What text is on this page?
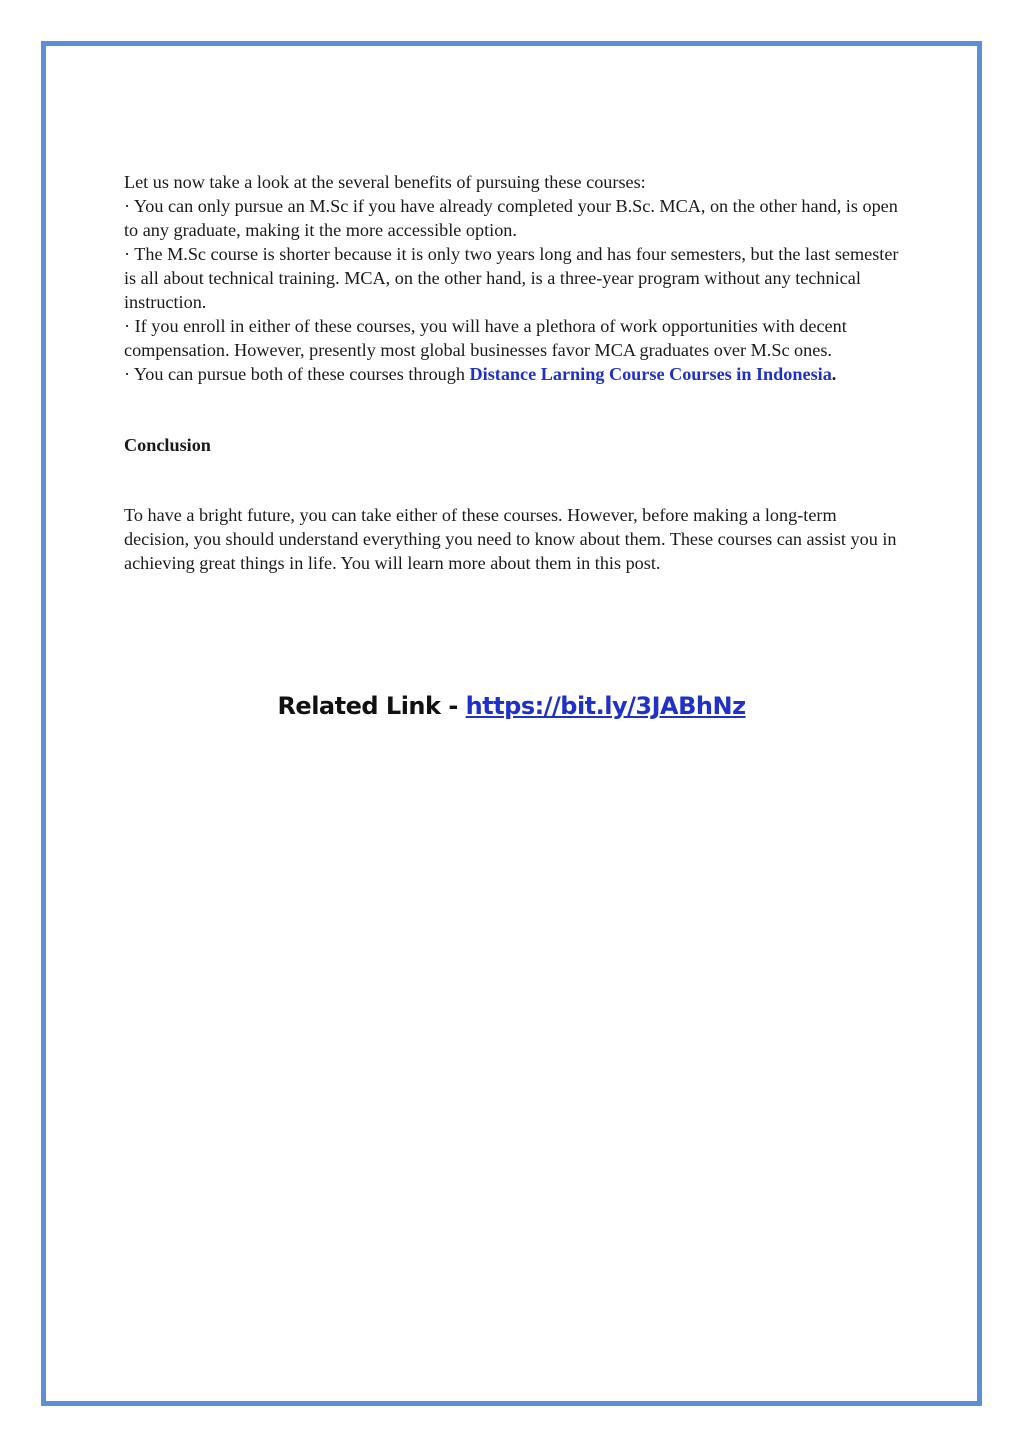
Let us now take a look at the several benefits of pursuing these courses:

· You can only pursue an M.Sc if you have already completed your B.Sc. MCA, on the other hand, is open to any graduate, making it the more accessible option.

· The M.Sc course is shorter because it is only two years long and has four semesters, but the last semester is all about technical training. MCA, on the other hand, is a three-year program without any technical instruction.

· If you enroll in either of these courses, you will have a plethora of work opportunities with decent compensation. However, presently most global businesses favor MCA graduates over M.Sc ones.

· You can pursue both of these courses through Distance Larning Course Courses in Indonesia.

Conclusion

To have a bright future, you can take either of these courses. However, before making a long-term decision, you should understand everything you need to know about them. These courses can assist you in achieving great things in life. You will learn more about them in this post.

Related Link - https://bit.ly/3JABhNz
